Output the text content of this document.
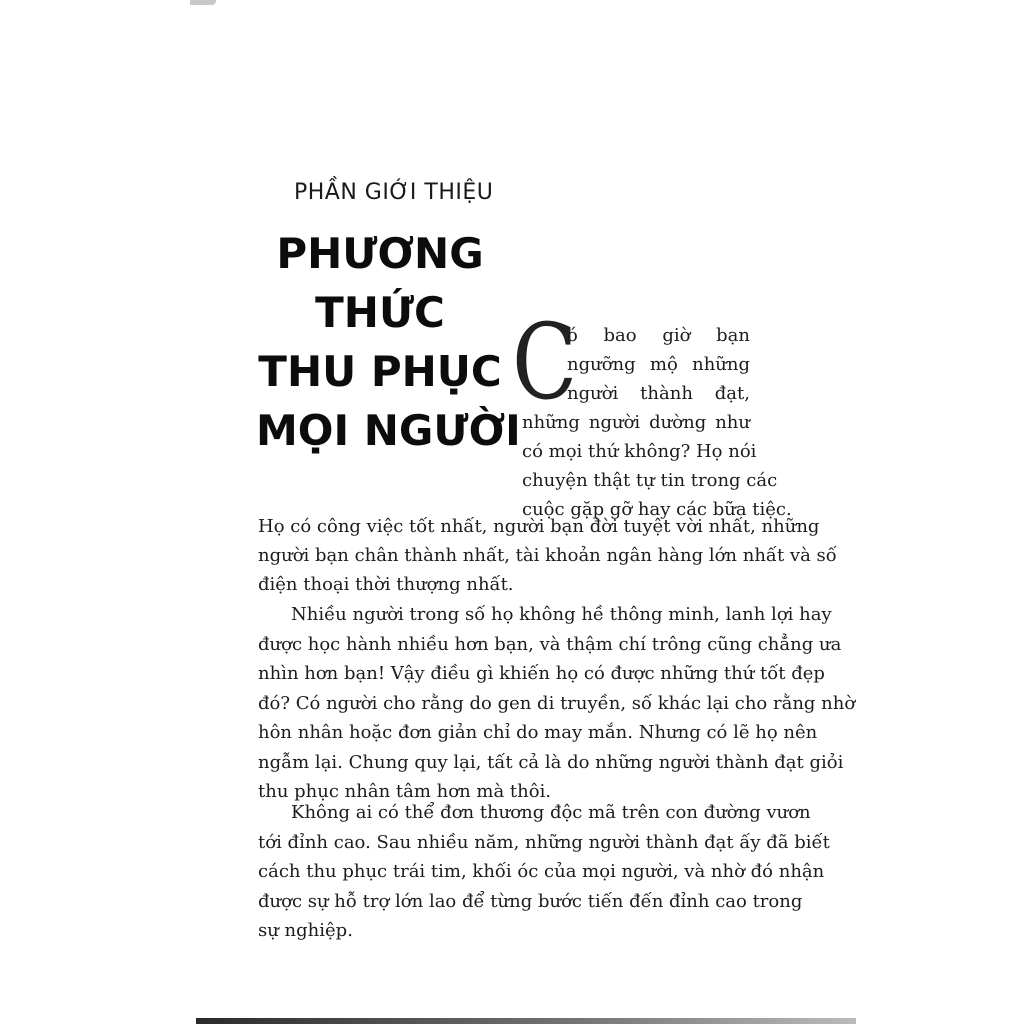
PHẦN GIỚI THIỆU
PHƯƠNG
THỨC
THU PHỤC
MỌI NGƯỜI
C
ó bao giờ bạn
ngưỡng mộ những
người thành đạt,
những người dường như
có mọi thứ không? Họ nói
chuyện thật tự tin trong các
cuộc gặp gỡ hay các bữa tiệc.
Họ có công việc tốt nhất, người bạn đời tuyệt vời nhất, những
người bạn chân thành nhất, tài khoản ngân hàng lớn nhất và số
điện thoại thời thượng nhất.
Nhiều người trong số họ không hề thông minh, lanh lợi hay
được học hành nhiều hơn bạn, và thậm chí trông cũng chẳng ưa
nhìn hơn bạn! Vậy điều gì khiến họ có được những thứ tốt đẹp
đó? Có người cho rằng do gen di truyền, số khác lại cho rằng nhờ
hôn nhân hoặc đơn giản chỉ do may mắn. Nhưng có lẽ họ nên
ngẫm lại. Chung quy lại, tất cả là do những người thành đạt giỏi
thu phục nhân tâm hơn mà thôi.
Không ai có thể đơn thương độc mã trên con đường vươn
tới đỉnh cao. Sau nhiều năm, những người thành đạt ấy đã biết
cách thu phục trái tim, khối óc của mọi người, và nhờ đó nhận
được sự hỗ trợ lớn lao để từng bước tiến đến đỉnh cao trong
sự nghiệp.
